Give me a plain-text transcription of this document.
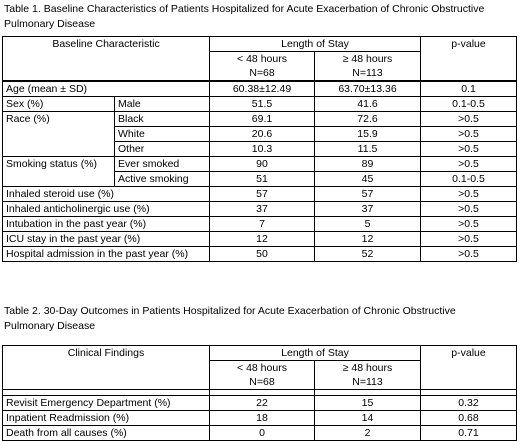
Table 1. Baseline Characteristics of Patients Hospitalized for Acute Exacerbation of Chronic Obstructive
Pulmonary Disease
Baseline Characteristic		Length of Stay		p-value
		< 48 hours	≥ 48 hours	
		N=68	N=113	
Age (mean ± SD)		60.38±12.49	63.70±13.36	0.1
Sex (%)	Male	51.5	41.6	0.1-0.5
Race (%)	Black	69.1	72.6	>0.5
	White	20.6	15.9	>0.5
	Other	10.3	11.5	>0.5
Smoking status (%)	Ever smoked	90	89	>0.5
	Active smoking	51	45	0.1-0.5
Inhaled steroid use (%)		57	57	>0.5
Inhaled anticholinergic use (%)		37	37	>0.5
Intubation in the past year (%)		7	5	>0.5
ICU stay in the past year (%)		12	12	>0.5
Hospital admission in the past year (%)		50	52	>0.5
Table 2. 30-Day Outcomes in Patients Hospitalized for Acute Exacerbation of Chronic Obstructive
Pulmonary Disease
Clinical Findings	Length of Stay		p-value
	< 48 hours	≥ 48 hours	
	N=68	N=113	

Revisit Emergency Department (%)	22	15	0.32
Inpatient Readmission (%)	18	14	0.68
Death from all causes (%)	0	2	0.71
